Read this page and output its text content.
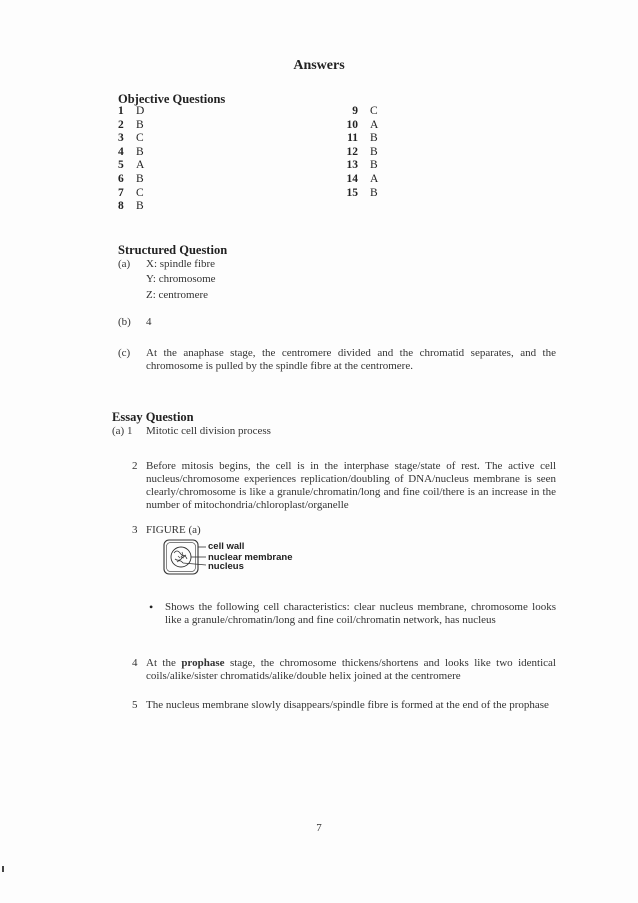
Answers
Objective Questions
1 D
2 B
3 C
4 B
5 A
6 B
7 C
8 B
9 C
10 A
11 B
12 B
13 B
14 A
15 B
Structured Question
(a) X: spindle fibre
Y: chromosome
Z: centromere
(b) 4
(c) At the anaphase stage, the centromere divided and the chromatid separates, and the chromosome is pulled by the spindle fibre at the centromere.
Essay Question
(a) 1 Mitotic cell division process
2 Before mitosis begins, the cell is in the interphase stage/state of rest. The active cell nucleus/chromosome experiences replication/doubling of DNA/nucleus membrane is seen clearly/chromosome is like a granule/chromatin/long and fine coil/there is an increase in the number of mitochondria/chloroplast/organelle
3 FIGURE (a)
cell wall
nuclear membrane
nucleus
• Shows the following cell characteristics: clear nucleus membrane, chromosome looks like a granule/chromatin/long and fine coil/chromatin network, has nucleus
4 At the prophase stage, the chromosome thickens/shortens and looks like two identical coils/alike/sister chromatids/alike/double helix joined at the centromere
5 The nucleus membrane slowly disappears/spindle fibre is formed at the end of the prophase
7
